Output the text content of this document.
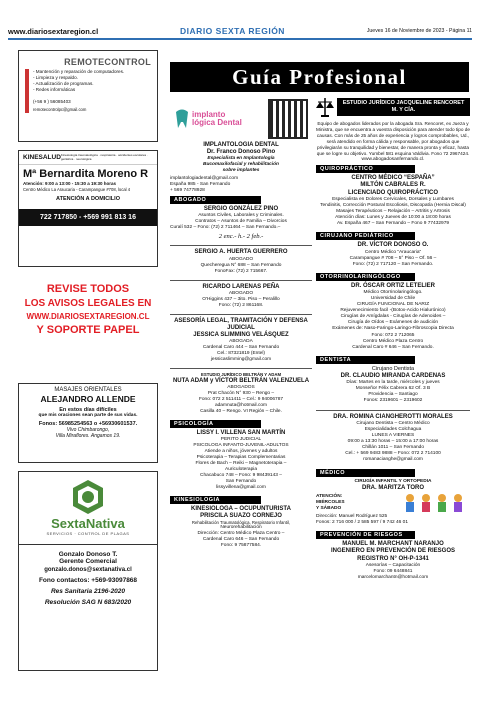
www.diariosextaregion.cl	DIARIO SEXTA REGIÓN	Jueves 16 de Noviembre de 2023 - Página 11
REMOTECONTROL
- Mantención y reparación de computadores.
- Limpieza y respaldo.
- Actualización de programas.
- Redes informáticas
(+56 9 ) 56085403
remotecontrolpc@gmail.com
KINESALUD Kinesiología traumatológica · respiratoria · accidentes escolares · geriátrica · neurológica
Mª Bernardita Moreno R
Atención: 9:00 a 13:00 - 15:30 a 19:30 horas
Centro Médico La Araucaria - Carampangue #708, local 4
ATENCIÓN A DOMICILIO
722 717850 - +569 991 813 16
REVISE TODOS
LOS AVISOS LEGALES EN
WWW.DIARIOSEXTAREGION.CL
Y SOPORTE PAPEL
MASAJES ORIENTALES
ALEJANDRO ALLENDE
En estos días difíciles
que mis oraciones sean parte de sus vidas.
Fonos: 56985254563 o +56930601537.
Vivo Chimbarongo,
Villa Miraflores. Angamos 19.
SextaNativa
SERVICIOS · CONTROL DE PLAGAS
Gonzalo Donoso T.
Gerente Comercial
gonzalo.donos@sextanativa.cl
Fono contactos: +569-93097868
Res Sanitaria 2196-2020
Resolución SAG N 683/2020
Guía Profesional
implanto lógica Dental
IMPLANTOLOGIA DENTAL
Dr. Franco Donoso Pino
Especialista en Implantología
Bucomaxilofacial y rehabilitación
sobre implantes
implantologiadental@gmail.com
España 985 - San Fernando
+ 569 74778928
ABOGADO
SERGIO GONZÁLEZ PINO
Asuntos Civiles, Laborales y Criminales.
Contratos – Asuntos de Familia – Divorcios
Curalí 532 – Fono: (72) 2 711464 – San Fernando.–
2 enc.- h.- 2 feb.-
SERGIO A. HUERTA GUERRERO
ABOGADO
Quecheregua N° 688 – San Fernando
FonoFax: (72) 2 715667.
RICARDO LARENAS PEÑA
ABOGADO
O'Higgins 437 – 3ito. Piso – Peralillo
Fono: (72) 2 861168.
ASESORÍA LEGAL, TRAMITACIÓN Y DEFENSA JUDICIAL
JESSICA SLIMMING VELÁSQUEZ
ABOGADA
Cardenal Caro 444 – San Fernando
Cel.: 87321819 (Entel)
jessicaslimming@gmail.com
ESTUDIO JURÍDICO BELTRÁN Y ADAM
NUTA ADAM y VÍCTOR BELTRÁN VALENZUELA
ABOGADOS
Prat Chacón N° 930 – Rengo –
Fono: 072 2 511411 – Cel.: 9 94006787
adamnuta@hotmail.com
Casilla 40 – Rengo. VI Región – Chile.
PSICOLOGÍA
LISSY I. VILLENA SAN MARTÍN
PERITO JUDICIAL
PSICOLOGA INFANTO-JUVENIL-ADULTOS
Atiende a niños, jóvenes y adultos
Psicoterapia – Terapias Complementarias
Flores de Bach – Reiki – Magnetoterapia –
Auriculoterapia
Chacabuco 748 – Fono: 9 98439143 –
San Fernando
lissyvillena@gmail.com
KINESIOLOGIA
KINESIOLOGA – OCUPUNTURISTA
PRISCILA SUAZO CORNEJO
Rehabilitación Traumatológica, Respiratorio Infantil,
Neurorehabilitación
Dirección: Centro Médico Plaza Centro –
Cardenal Caro 646 – San Fernando
Fono: 9 75877584.
ESTUDIO JURÍDICO JACQUELINE RENCORET M. Y CÍA.
Equipo de abogados liderados por la abogada Sra. Rencoret, ex Jueza y Ministra, que se encuentra a vuestra disposición para atender todo tipo de causas. Con más de 25 años de experiencia y logros comprobables, Ud., será atendido en forma cálida y responsable, por abogados que privilegiarán su tranquilidad y bienestar, de manera pronta y eficaz, hasta que se logre su objetivo. Yumbel 581 esquina Valdivia. Fono 72 2967424.
www.abogadosanfernando.cl.
QUIROPRÁCTICO
CENTRO MÉDICO “ESPAÑA”
MILTÓN CABRALES R.
LICENCIADO QUIROPRÁCTICO
Especialista en Dolores Cervicales, Dorsales y Lumbares
Tendinitis, Corrección Postural Escoliosis, Discopatía (Hernia Discal)
Masajes Terapéuticos – Relajación – Artritis y Artrosis
Atención días: Lunes y Jueves de 10:00 a 18:00 horas
Av. España 467 – San Fernando – Fono 9 77432979
CIRUJANO PEDIÁTRICO
DR. VÍCTOR DONOSO O.
Centro Médico “Araucaria”
Carampangue # 708 – 5° Piso – Of. 56 –
Fono: (72) 2 717120 – San Fernando.
OTORRINOLARINGÓLOGO
DR. ÓSCAR ORTIZ LETELIER
Médico Otorrinolaringólogo.
Universidad de Chile
CIRUGÍA FUNCIONAL DE NARIZ
Rejuvenecimiento facil -(Botox-Acido Hialurónico)
Cirugías de Amígdalas - Cirugías de Adenoides –
Cirugía de Oídos – Exámenes de audición
Exámenes de: Naso-Faringo-Laringo-Fibroscopia Directa
Fono: 072 2 712065
Centro Médico Plaza Centro
Cardenal Caro # 646 – San Fernando.
DENTISTA
Cirujano Dentista
DR. CLAUDIO MIRANDA CARDENAS
Días: Martes en la tarde, miércoles y jueves
Monseñor Félix Cabrera 62 Of. 3 B
Providencia – Santiago
Fonos: 2319601 – 2319602
DRA. ROMINA CIANGHEROTTI MORALES
Cirujano Dentista – Centro Médico
Especialidades Colchagua
LUNES A VIERNES
09:00 a 13:30 horas – 15:00 a 17:00 horas
Chillán 1011 – San Fernando
Cel.: + 569 9483 9888 – Fono: 072 2 714100
romanacianghe@gmail.com
MÉDICO
CIRUGÍA INFANTIL Y ORTOPEDIA
DRA. MARITZA TORO
ATENCIÓN:
MIÉRCOLES
Y SÁBADO
Dirección: Manuel Rodríguez 525
Fonos: 2 716 000 / 2 585 597 / 9 742 46 01
PREVENCIÓN DE RIESGOS
MANUEL M. MARCHANT NARANJO
INGENIERO EN PREVENCIÓN DE RIESGOS
REGISTRO N° OH-P-1341
Asesorías – Capacitación
Fono: 09 6448841
marcelomarchantn@hotmail.com
